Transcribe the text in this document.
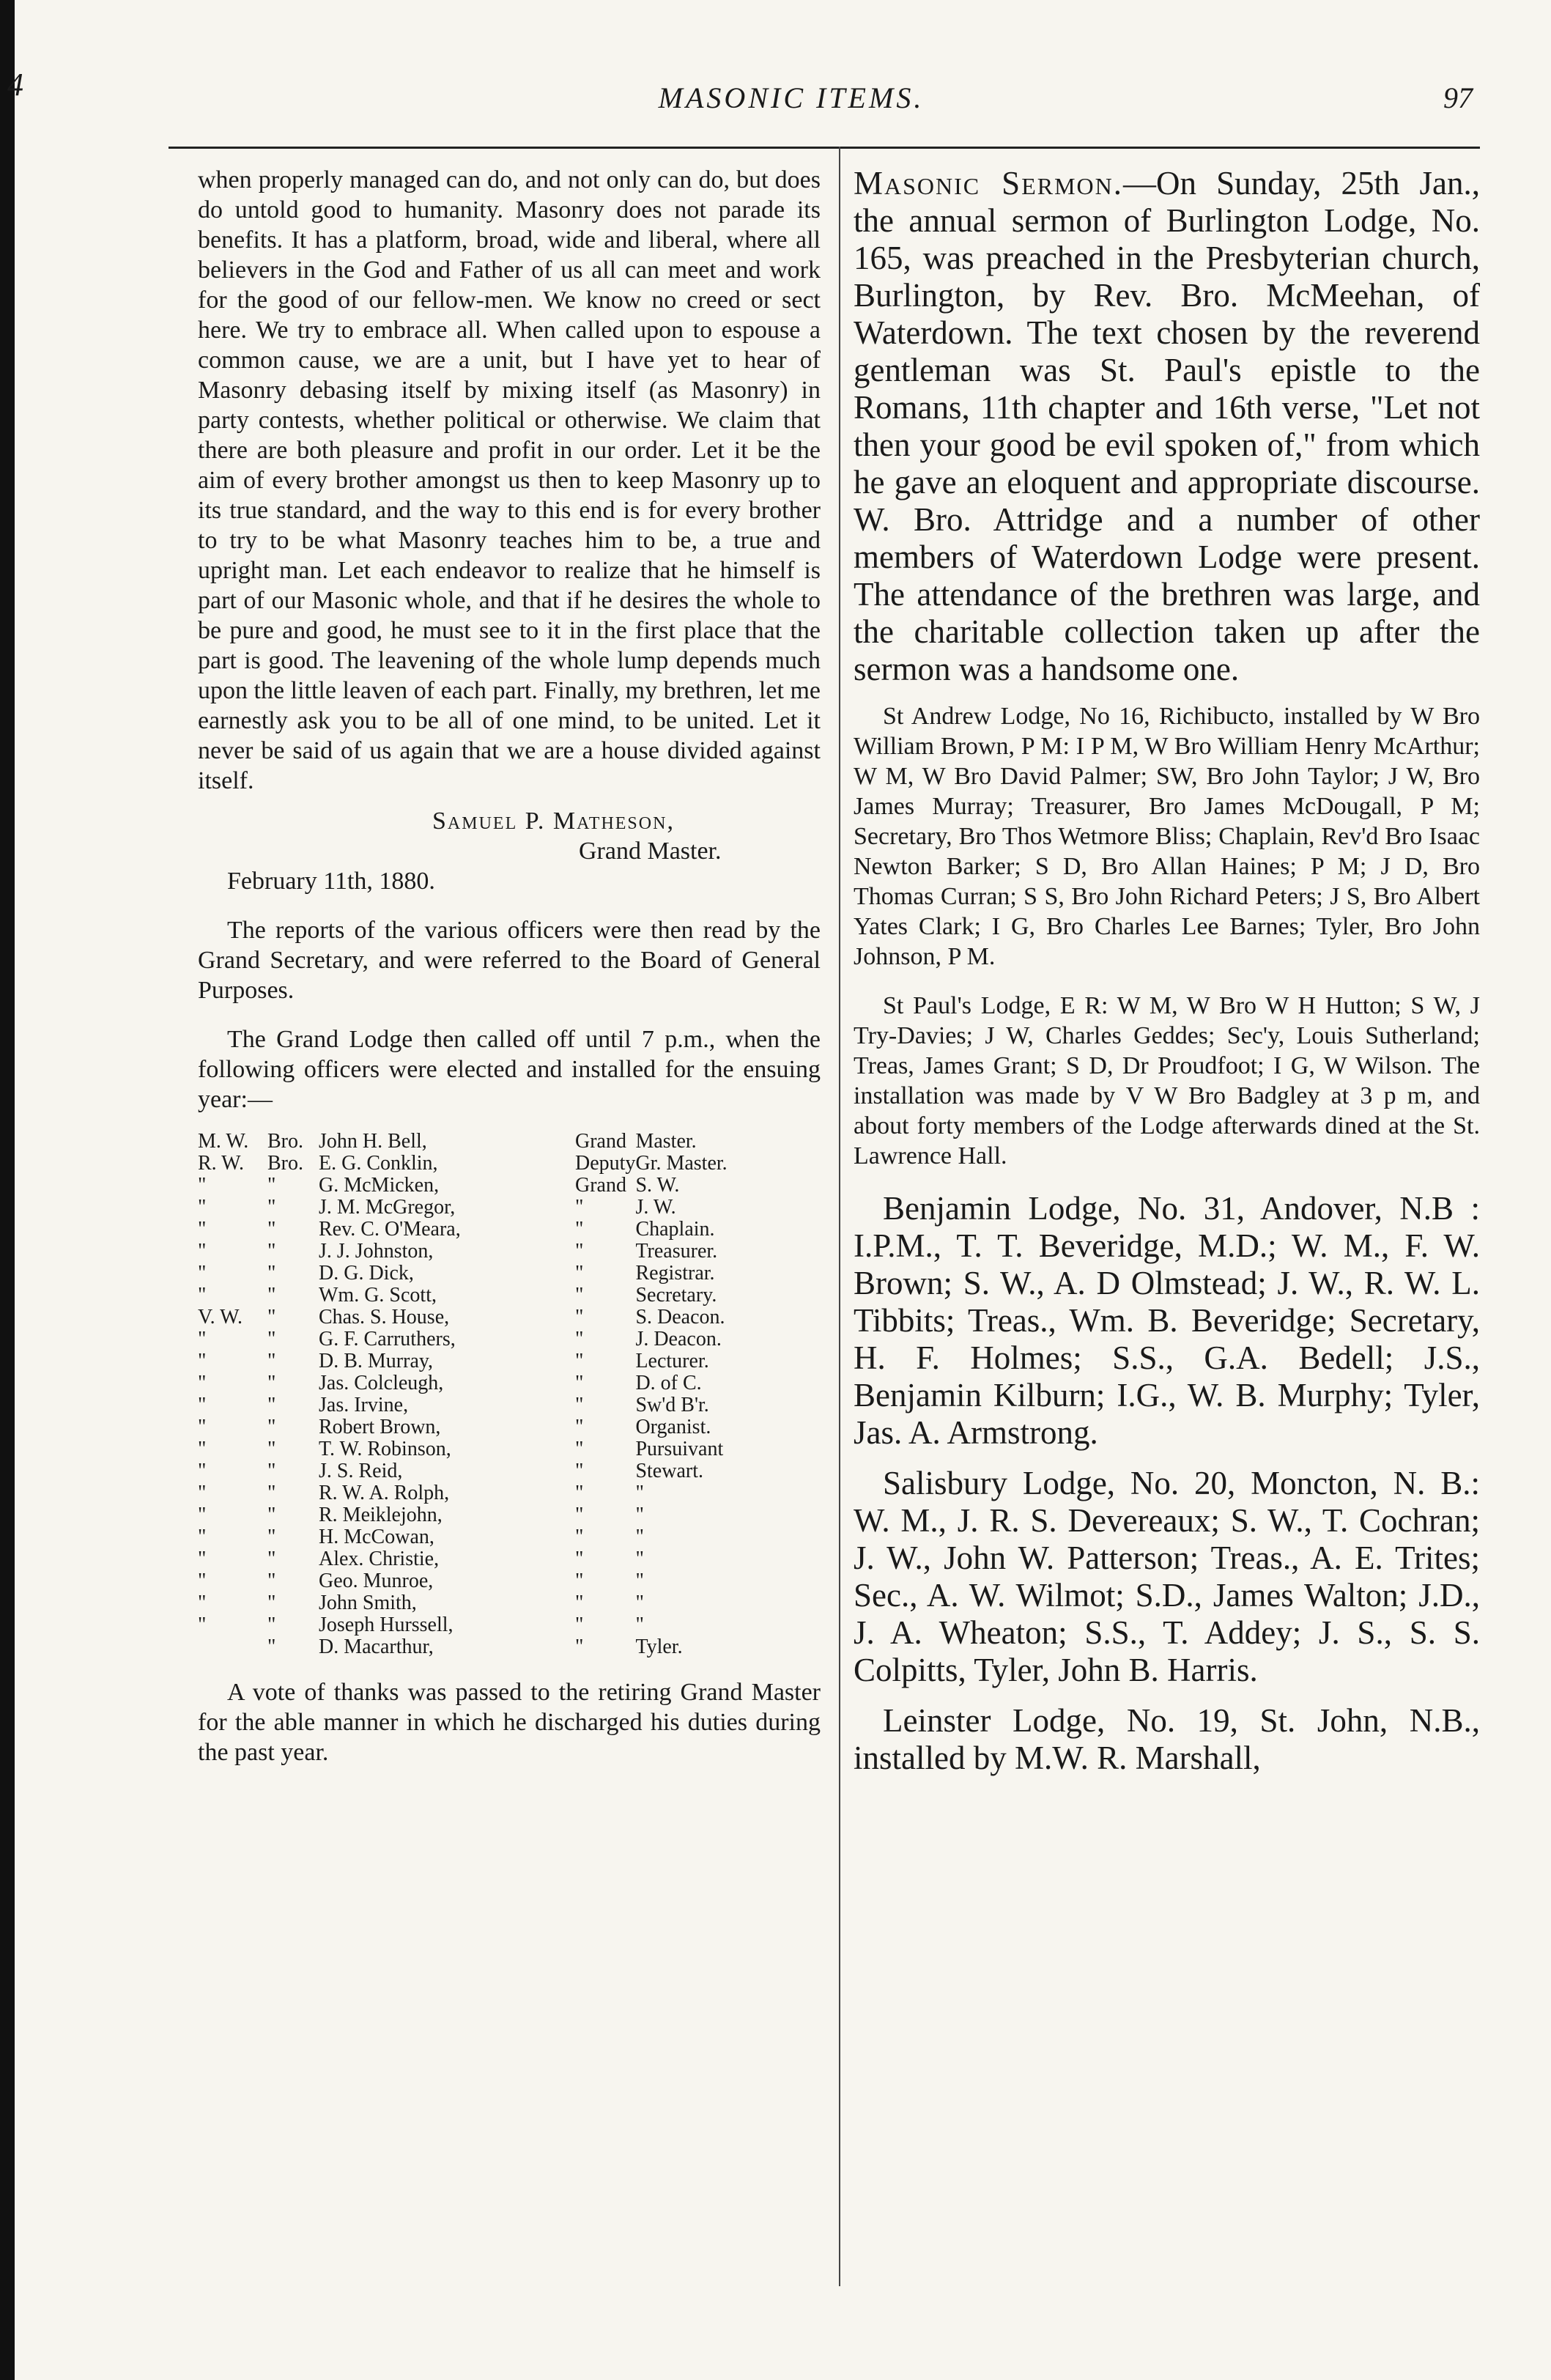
4	MASONIC ITEMS.	97

when properly managed can do, and not only can do, but does do untold good to humanity. Masonry does not parade its benefits. It has a platform, broad, wide and liberal, where all believers in the God and Father of us all can meet and work for the good of our fellow-men. We know no creed or sect here. We try to embrace all. When called upon to espouse a common cause, we are a unit, but I have yet to hear of Masonry debasing itself by mixing itself (as Masonry) in party contests, whether political or otherwise. We claim that there are both pleasure and profit in our order. Let it be the aim of every brother amongst us then to keep Masonry up to its true standard, and the way to this end is for every brother to try to be what Masonry teaches him to be, a true and upright man. Let each endeavor to realize that he himself is part of our Masonic whole, and that if he desires the whole to be pure and good, he must see to it in the first place that the part is good. The leavening of the whole lump depends much upon the little leaven of each part. Finally, my brethren, let me earnestly ask you to be all of one mind, to be united. Let it never be said of us again that we are a house divided against itself.

Samuel P. Matheson,
Grand Master.
February 11th, 1880.

The reports of the various officers were then read by the Grand Secretary, and were referred to the Board of General Purposes.

The Grand Lodge then called off until 7 p.m., when the following officers were elected and installed for the ensuing year:—

M. W.	Bro.	John H. Bell,	Grand	Master.
R. W.	Bro.	E. G. Conklin,	Deputy	Gr. Master.
"	"	G. McMicken,	Grand	S. W.
"	"	J. M. McGregor,	"	J. W.
"	"	Rev. C. O'Meara,	"	Chaplain.
"	"	J. J. Johnston,	"	Treasurer.
"	"	D. G. Dick,	"	Registrar.
"	"	Wm. G. Scott,	"	Secretary.
V. W.	"	Chas. S. House,	"	S. Deacon.
"	"	G. F. Carruthers,	"	J. Deacon.
"	"	D. B. Murray,	"	Lecturer.
"	"	Jas. Colcleugh,	"	D. of C.
"	"	Jas. Irvine,	"	Sw'd B'r.
"	"	Robert Brown,	"	Organist.
"	"	T. W. Robinson,	"	Pursuivant
"	"	J. S. Reid,	"	Stewart.
"	"	R. W. A. Rolph,	"	"
"	"	R. Meiklejohn,	"	"
"	"	H. McCowan,	"	"
"	"	Alex. Christie,	"	"
"	"	Geo. Munroe,	"	"
"	"	John Smith,	"	"
"	"	Joseph Hurssell,	"	"
	"	D. Macarthur,	"	Tyler.

A vote of thanks was passed to the retiring Grand Master for the able manner in which he discharged his duties during the past year.

Masonic Sermon.—On Sunday, 25th Jan., the annual sermon of Burlington Lodge, No. 165, was preached in the Presbyterian church, Burlington, by Rev. Bro. McMeehan, of Waterdown. The text chosen by the reverend gentleman was St. Paul's epistle to the Romans, 11th chapter and 16th verse, "Let not then your good be evil spoken of," from which he gave an eloquent and appropriate discourse. W. Bro. Attridge and a number of other members of Waterdown Lodge were present. The attendance of the brethren was large, and the charitable collection taken up after the sermon was a handsome one.

St Andrew Lodge, No 16, Richibucto, installed by W Bro William Brown, P M: I P M, W Bro William Henry McArthur; W M, W Bro David Palmer; SW, Bro John Taylor; J W, Bro James Murray; Treasurer, Bro James McDougall, P M; Secretary, Bro Thos Wetmore Bliss; Chaplain, Rev'd Bro Isaac Newton Barker; S D, Bro Allan Haines; P M; J D, Bro Thomas Curran; S S, Bro John Richard Peters; J S, Bro Albert Yates Clark; I G, Bro Charles Lee Barnes; Tyler, Bro John Johnson, P M.

St Paul's Lodge, E R: W M, W Bro W H Hutton; S W, J Try-Davies; J W, Charles Geddes; Sec'y, Louis Sutherland; Treas, James Grant; S D, Dr Proudfoot; I G, W Wilson. The installation was made by V W Bro Badgley at 3 p m, and about forty members of the Lodge afterwards dined at the St. Lawrence Hall.

Benjamin Lodge, No. 31, Andover, N.B : I.P.M., T. T. Beveridge, M.D.; W. M., F. W. Brown; S. W., A. D Olmstead; J. W., R. W. L. Tibbits; Treas., Wm. B. Beveridge; Secretary, H. F. Holmes; S.S., G.A. Bedell; J.S., Benjamin Kilburn; I.G., W. B. Murphy; Tyler, Jas. A. Armstrong.

Salisbury Lodge, No. 20, Moncton, N. B.: W. M., J. R. S. Devereaux; S. W., T. Cochran; J. W., John W. Patterson; Treas., A. E. Trites; Sec., A. W. Wilmot; S.D., James Walton; J.D., J. A. Wheaton; S.S., T. Addey; J. S., S. S. Colpitts, Tyler, John B. Harris.

Leinster Lodge, No. 19, St. John, N.B., installed by M.W. R. Marshall,
